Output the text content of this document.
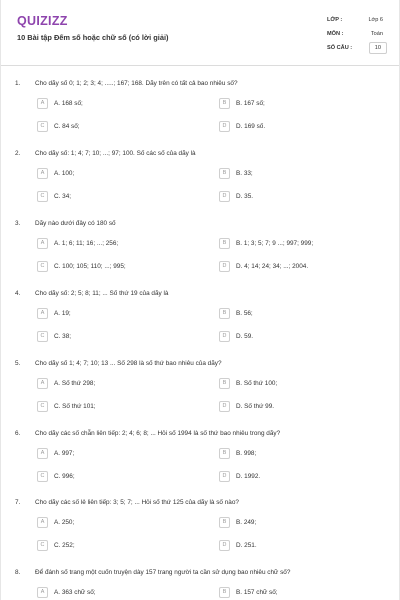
QUIZIZZ
10 Bài tập Đếm số hoặc chữ số (có lời giải)
LỚP :	Lớp 6
MÔN :	Toán
SỐ CÂU :	10
1. Cho dãy số 0; 1; 2; 3; 4; .....; 167; 168. Dãy trên có tất cả bao nhiêu số?
A	A. 168 số;	B	B. 167 số;
C	C. 84 số;	D	D. 169 số.
2. Cho dãy số: 1; 4; 7; 10; ...; 97; 100. Số các số của dãy là
A	A. 100;	B	B. 33;
C	C. 34;	D	D. 35.
3. Dãy nào dưới đây có 180 số
A	A. 1; 6; 11; 16; ...; 256;	B	B. 1; 3; 5; 7; 9 ...; 997; 999;
C	C. 100; 105; 110; ...; 995;	D	D. 4; 14; 24; 34; ...; 2004.
4. Cho dãy số: 2; 5; 8; 11; ... Số thứ 19 của dãy là
A	A. 19;	B	B. 56;
C	C. 38;	D	D. 59.
5. Cho dãy số 1; 4; 7; 10; 13 ... Số 298 là số thứ bao nhiêu của dãy?
A	A. Số thứ 298;	B	B. Số thứ 100;
C	C. Số thứ 101;	D	D. Số thứ 99.
6. Cho dãy các số chẵn liên tiếp: 2; 4; 6; 8; ... Hỏi số 1994 là số thứ bao nhiêu trong dãy?
A	A. 997;	B	B. 998;
C	C. 996;	D	D. 1992.
7. Cho dãy các số lẻ liên tiếp: 3; 5; 7; ... Hỏi số thứ 125 của dãy là số nào?
A	A. 250;	B	B. 249;
C	C. 252;	D	D. 251.
8. Để đánh số trang một cuốn truyện dày 157 trang người ta cần sử dụng bao nhiêu chữ số?
A	A. 363 chữ số;	B	B. 157 chữ số;
